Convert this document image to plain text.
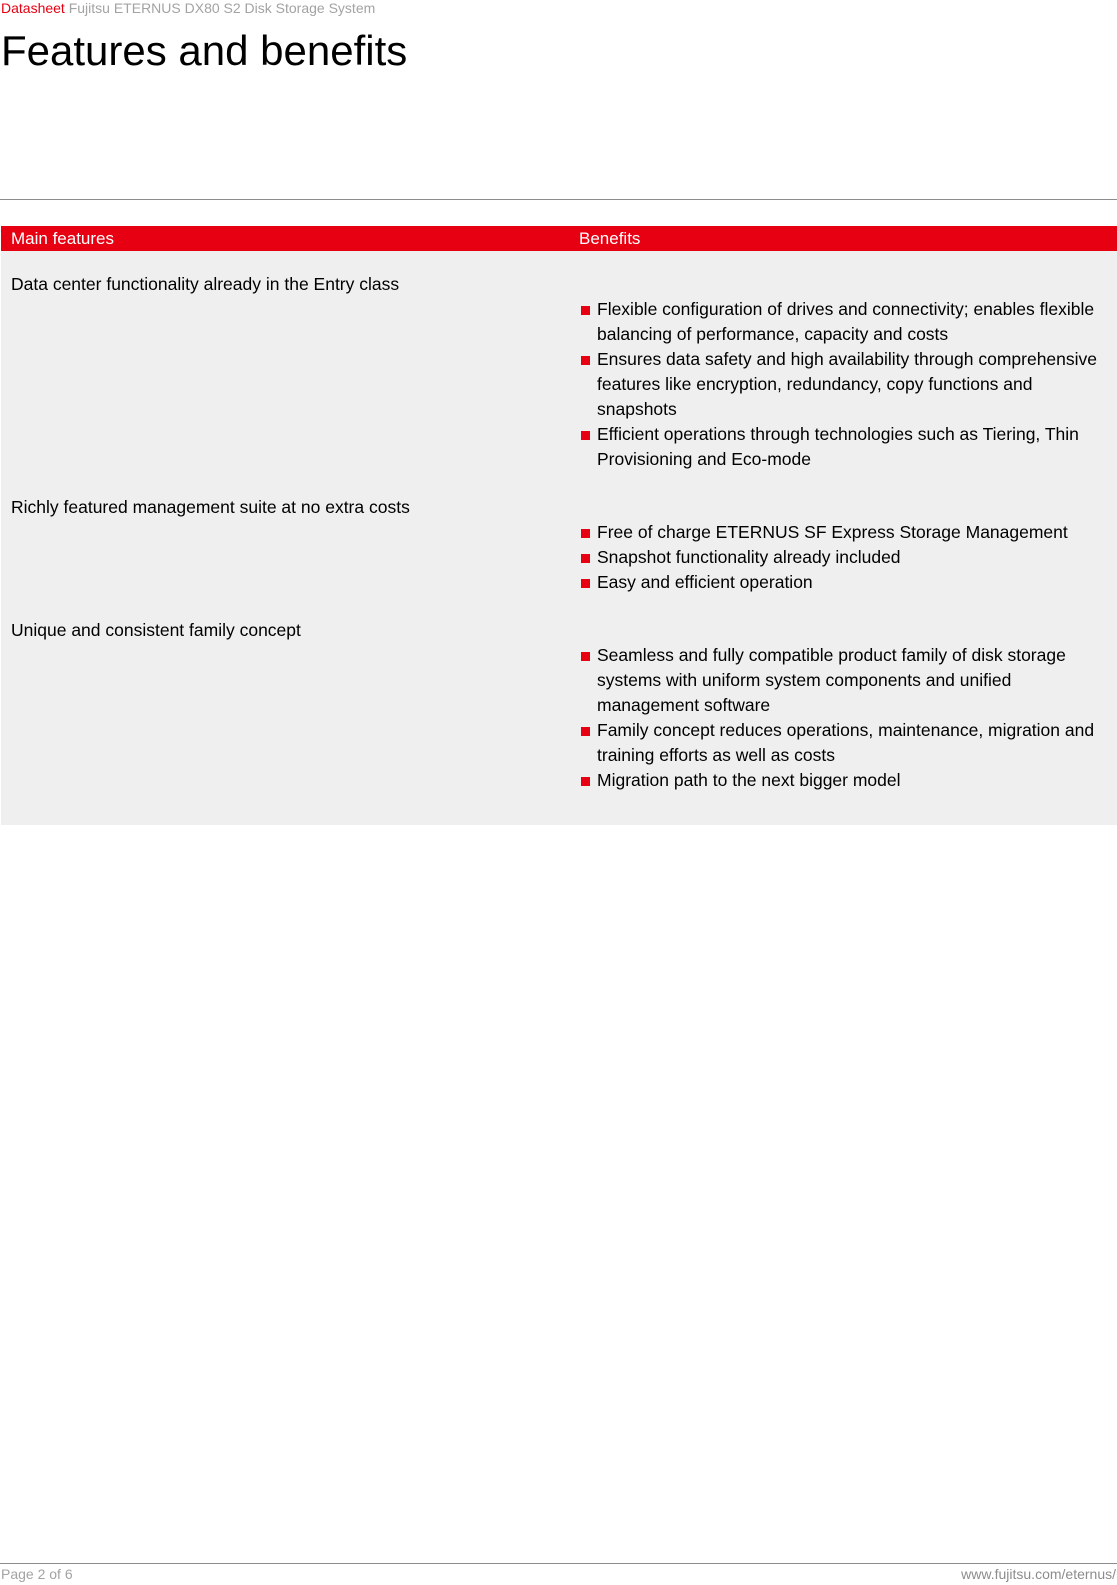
Datasheet Fujitsu ETERNUS DX80 S2 Disk Storage System
Features and benefits
Main features	Benefits
Data center functionality already in the Entry class
Flexible configuration of drives and connectivity; enables flexible balancing of performance, capacity and costs
Ensures data safety and high availability through comprehensive features like encryption, redundancy, copy functions and snapshots
Efficient operations through technologies such as Tiering, Thin Provisioning and Eco-mode
Richly featured management suite at no extra costs
Free of charge ETERNUS SF Express Storage Management
Snapshot functionality already included
Easy and efficient operation
Unique and consistent family concept
Seamless and fully compatible product family of disk storage systems with uniform system components and unified management software
Family concept reduces operations, maintenance, migration and training efforts as well as costs
Migration path to the next bigger model
Page 2 of 6	www.fujitsu.com/eternus/
